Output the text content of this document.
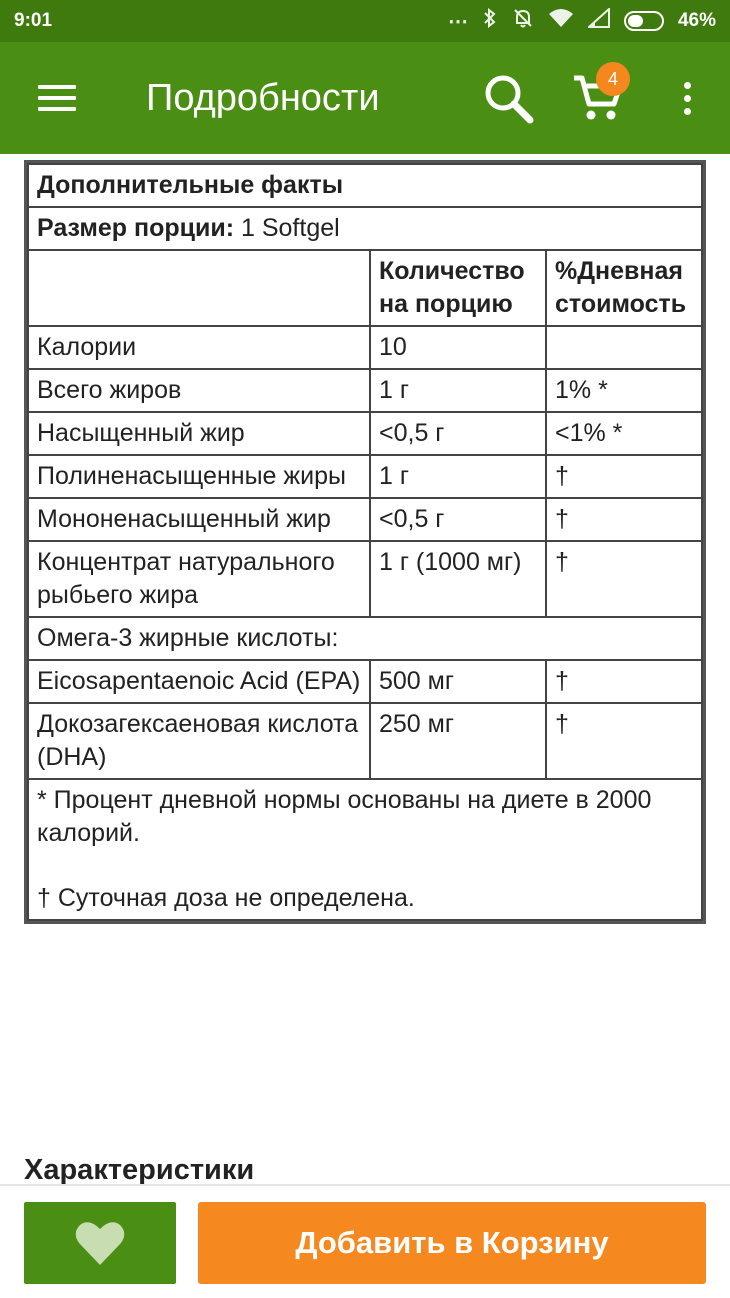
9:01	⋯	46%
Подробности	4
Дополнительные факты		
Размер порции: 1 Softgel		
	Количество на порцию	%Дневная стоимость
Калории	10	
Всего жиров	1 г	1% *
Насыщенный жир	<0,5 г	<1% *
Полиненасыщенные жиры	1 г	†
Мононенасыщенный жир	<0,5 г	†
Концентрат натурального рыбьего жира	1 г (1000 мг)	†
Омега-3 жирные кислоты:		
Eicosapentaenoic Acid (EPA)	500 мг	†
Докозагексаеновая кислота (DHA)	250 мг	†

* Процент дневной нормы основаны на диете в 2000 калорий.
† Суточная доза не определена.		
Характеристики
Добавить в Корзину
